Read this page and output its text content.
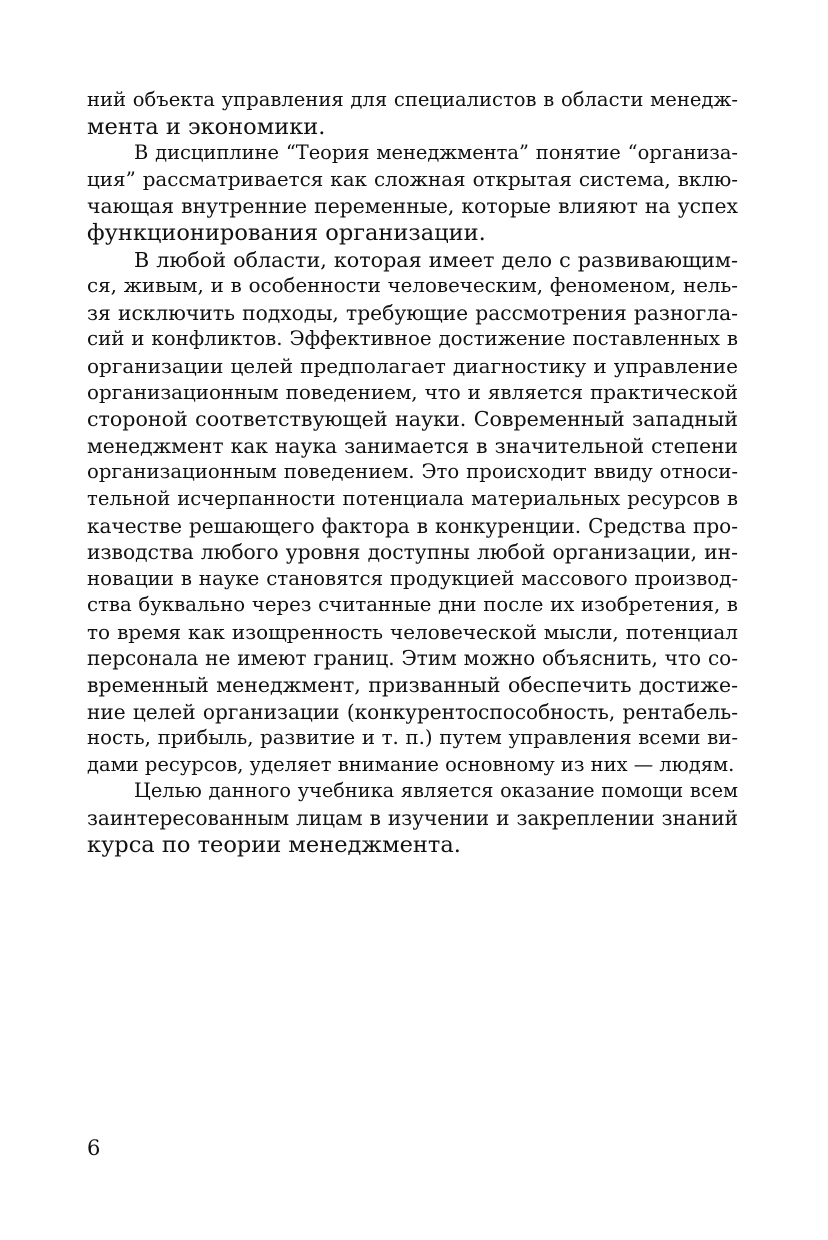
ний объекта управления для специалистов в области менедж-
мента и экономики.
В дисциплине “Теория менеджмента” понятие “организа-
ция” рассматривается как сложная открытая система, вклю-
чающая внутренние переменные, которые влияют на успех
функционирования организации.
В любой области, которая имеет дело с развивающим-
ся, живым, и в особенности человеческим, феноменом, нель-
зя исключить подходы, требующие рассмотрения разногла-
сий и конфликтов. Эффективное достижение поставленных в
организации целей предполагает диагностику и управление
организационным поведением, что и является практической
стороной соответствующей науки. Современный западный
менеджмент как наука занимается в значительной степени
организационным поведением. Это происходит ввиду относи-
тельной исчерпанности потенциала материальных ресурсов в
качестве решающего фактора в конкуренции. Средства про-
изводства любого уровня доступны любой организации, ин-
новации в науке становятся продукцией массового производ-
ства буквально через считанные дни после их изобретения, в
то время как изощренность человеческой мысли, потенциал
персонала не имеют границ. Этим можно объяснить, что со-
временный менеджмент, призванный обеспечить достиже-
ние целей организации (конкурентоспособность, рентабель-
ность, прибыль, развитие и т. п.) путем управления всеми ви-
дами ресурсов, уделяет внимание основному из них — людям.
Целью данного учебника является оказание помощи всем
заинтересованным лицам в изучении и закреплении знаний
курса по теории менеджмента.
6
